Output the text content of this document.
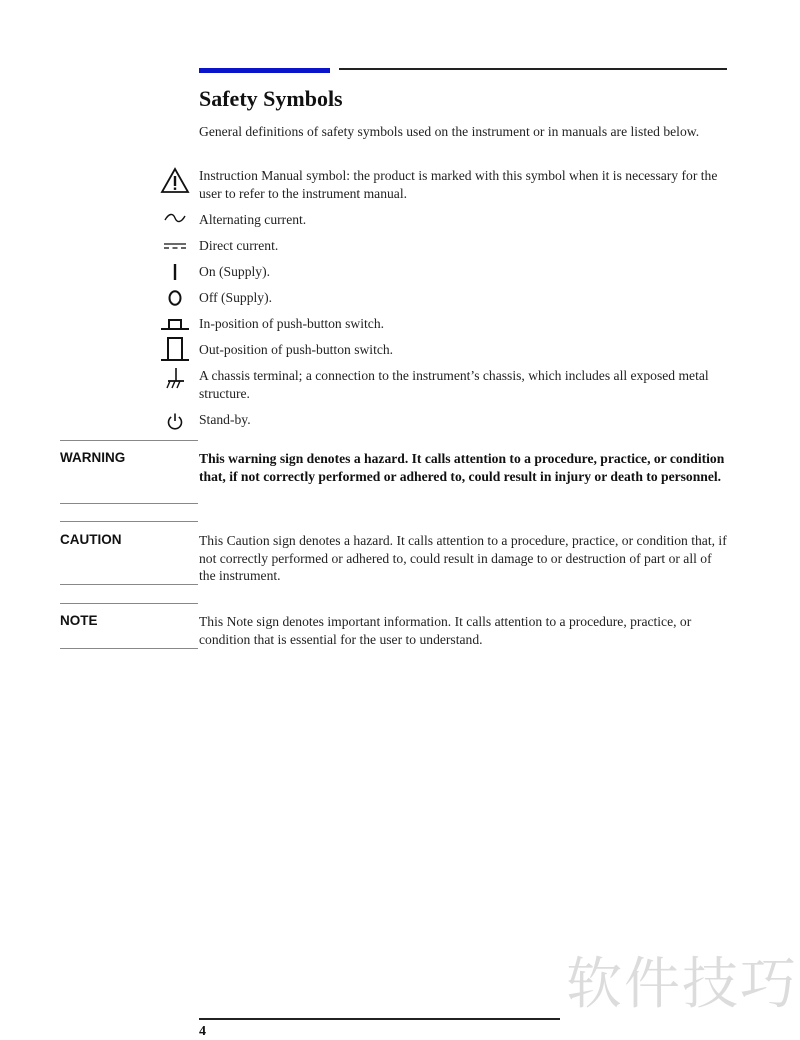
Safety Symbols
General definitions of safety symbols used on the instrument or in manuals are listed below.
Instruction Manual symbol: the product is marked with this symbol when it is necessary for the user to refer to the instrument manual.
Alternating current.
Direct current.
On (Supply).
Off (Supply).
In-position of push-button switch.
Out-position of push-button switch.
A chassis terminal; a connection to the instrument’s chassis, which includes all exposed metal structure.
Stand-by.
WARNING	This warning sign denotes a hazard. It calls attention to a procedure, practice, or condition that, if not correctly performed or adhered to, could result in injury or death to personnel.
CAUTION	This Caution sign denotes a hazard. It calls attention to a procedure, practice, or condition that, if not correctly performed or adhered to, could result in damage to or destruction of part or all of the instrument.
NOTE	This Note sign denotes important information. It calls attention to a procedure, practice, or condition that is essential for the user to understand.
软件技巧
4
